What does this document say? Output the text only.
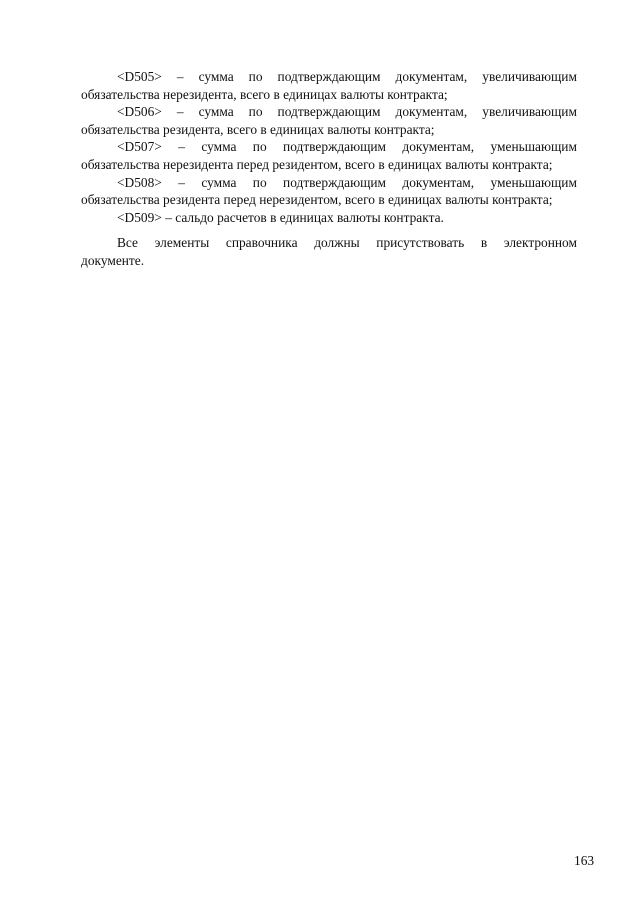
<D505> – сумма по подтверждающим документам, увеличивающим
обязательства нерезидента, всего в единицах валюты контракта;
<D506> – сумма по подтверждающим документам, увеличивающим
обязательства резидента, всего в единицах валюты контракта;
<D507> – сумма по подтверждающим документам, уменьшающим
обязательства нерезидента перед резидентом, всего в единицах валюты контракта;
<D508> – сумма по подтверждающим документам, уменьшающим
обязательства резидента перед нерезидентом, всего в единицах валюты контракта;
<D509> – сальдо расчетов в единицах валюты контракта.
Все элементы справочника должны присутствовать в электронном
документе.
163
